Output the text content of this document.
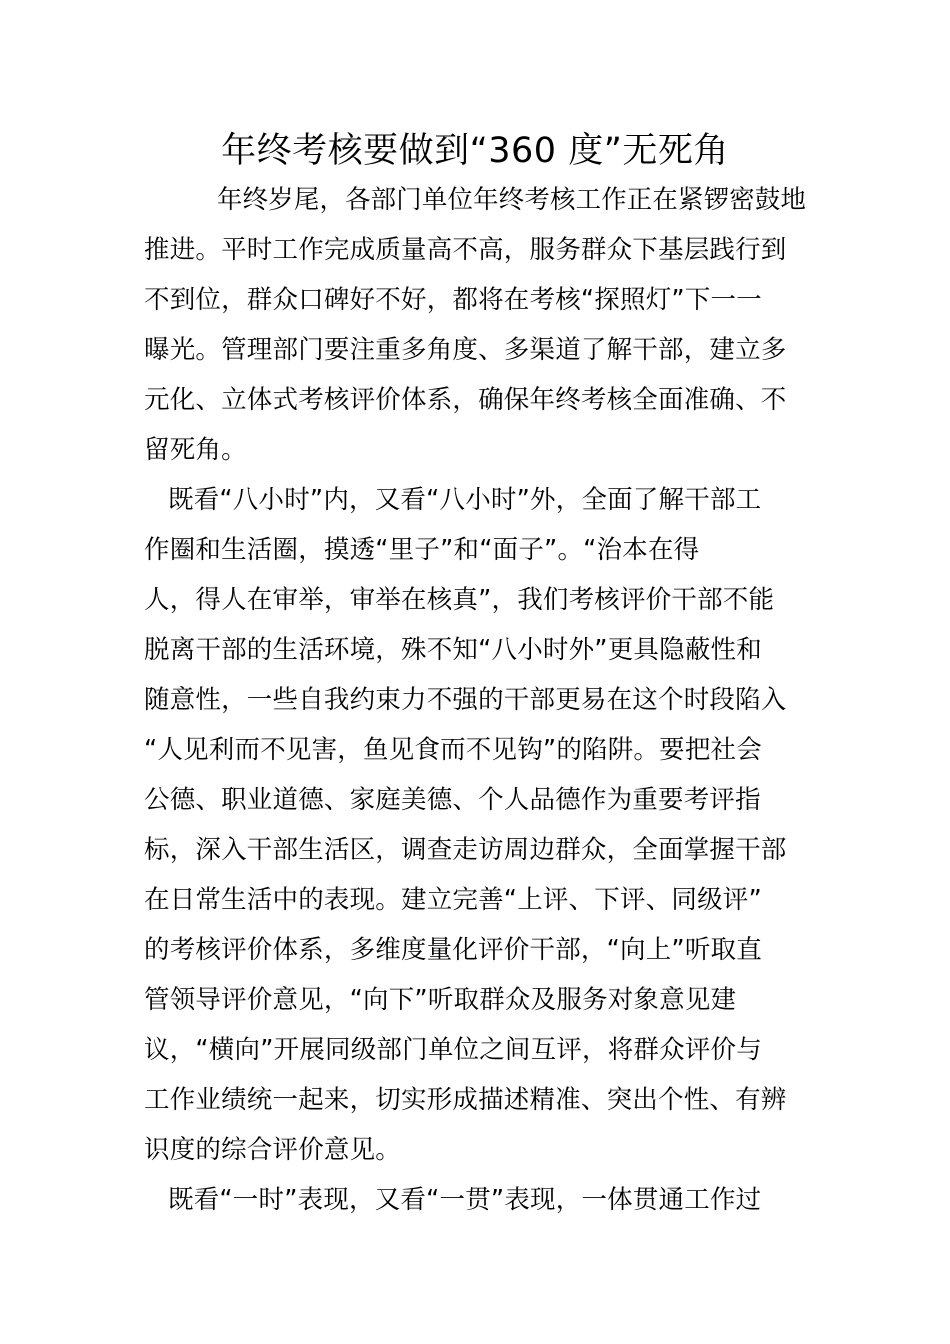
年终考核要做到“360 度”无死角
年终岁尾，各部门单位年终考核工作正在紧锣密鼓地
推进。平时工作完成质量高不高，服务群众下基层践行到
不到位，群众口碑好不好，都将在考核“探照灯”下一一
曝光。管理部门要注重多角度、多渠道了解干部，建立多
元化、立体式考核评价体系，确保年终考核全面准确、不
留死角。
既看“八小时”内，又看“八小时”外，全面了解干部工
作圈和生活圈，摸透“里子”和“面子”。“治本在得
人，得人在审举，审举在核真”，我们考核评价干部不能
脱离干部的生活环境，殊不知“八小时外”更具隐蔽性和
随意性，一些自我约束力不强的干部更易在这个时段陷入
“人见利而不见害，鱼见食而不见钩”的陷阱。要把社会
公德、职业道德、家庭美德、个人品德作为重要考评指
标，深入干部生活区，调查走访周边群众，全面掌握干部
在日常生活中的表现。建立完善“上评、下评、同级评”
的考核评价体系，多维度量化评价干部，“向上”听取直
管领导评价意见，“向下”听取群众及服务对象意见建
议，“横向”开展同级部门单位之间互评，将群众评价与
工作业绩统一起来，切实形成描述精准、突出个性、有辨
识度的综合评价意见。
既看“一时”表现，又看“一贯”表现，一体贯通工作过
